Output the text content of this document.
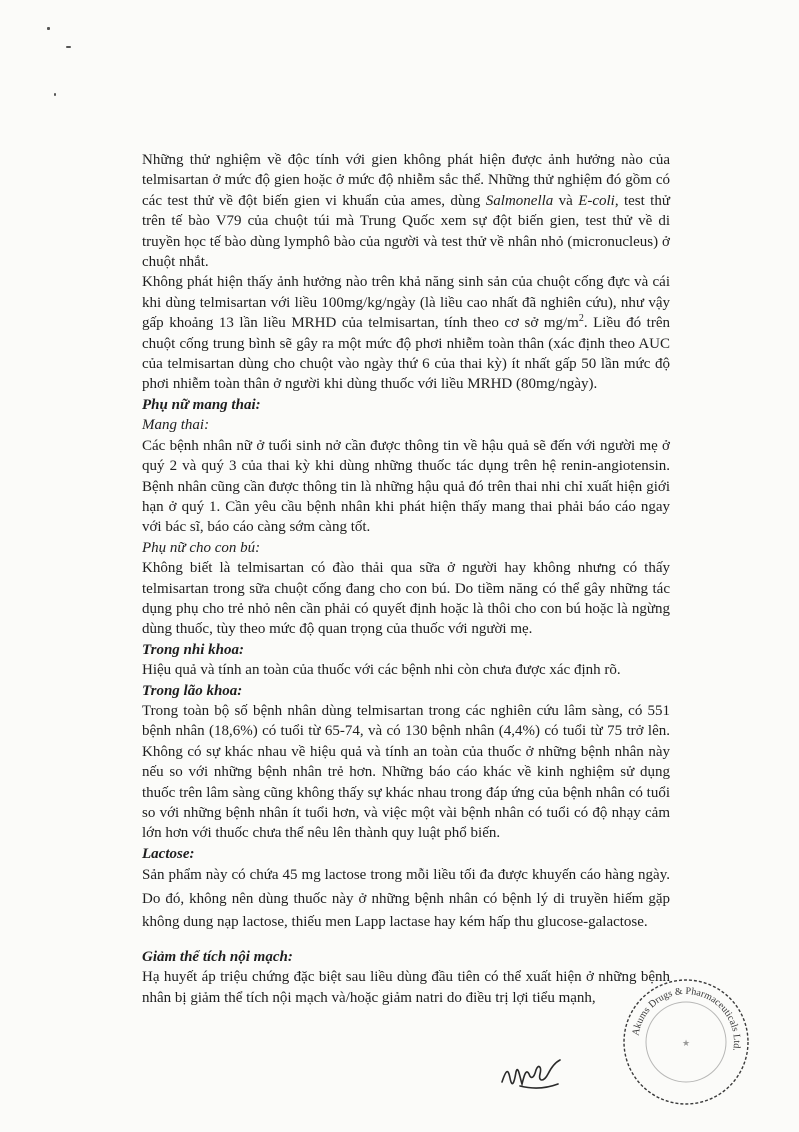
Những thử nghiệm về độc tính với gien không phát hiện được ảnh hưởng nào của telmisartan ở mức độ gien hoặc ở mức độ nhiễm sắc thể. Những thử nghiệm đó gồm có các test thử về đột biến gien vi khuẩn của ames, dùng Salmonella và E-coli, test thử trên tế bào V79 của chuột túi mà Trung Quốc xem sự đột biến gien, test thử về di truyền học tế bào dùng lymphô bào của người và test thử về nhân nhỏ (micronucleus) ở chuột nhắt.

Không phát hiện thấy ảnh hưởng nào trên khả năng sinh sản của chuột cống đực và cái khi dùng telmisartan với liều 100mg/kg/ngày (là liều cao nhất đã nghiên cứu), như vậy gấp khoảng 13 lần liều MRHD của telmisartan, tính theo cơ sở $mg/m^2$. Liều đó trên chuột cống trung bình sẽ gây ra một mức độ phơi nhiễm toàn thân (xác định theo AUC của telmisartan dùng cho chuột vào ngày thứ 6 của thai kỳ) ít nhất gấp 50 lần mức độ phơi nhiễm toàn thân ở người khi dùng thuốc với liều MRHD (80mg/ngày).

Phụ nữ mang thai:

Mang thai:

Các bệnh nhân nữ ở tuổi sinh nở cần được thông tin về hậu quả sẽ đến với người mẹ ở quý 2 và quý 3 của thai kỳ khi dùng những thuốc tác dụng trên hệ renin-angiotensin. Bệnh nhân cũng cần được thông tin là những hậu quả đó trên thai nhi chỉ xuất hiện giới hạn ở quý 1. Cần yêu cầu bệnh nhân khi phát hiện thấy mang thai phải báo cáo ngay với bác sĩ, báo cáo càng sớm càng tốt.

Phụ nữ cho con bú:

Không biết là telmisartan có đào thải qua sữa ở người hay không nhưng có thấy telmisartan trong sữa chuột cống đang cho con bú. Do tiềm năng có thể gây những tác dụng phụ cho trẻ nhỏ nên cần phải có quyết định hoặc là thôi cho con bú hoặc là ngừng dùng thuốc, tùy theo mức độ quan trọng của thuốc với người mẹ.

Trong nhi khoa:

Hiệu quả và tính an toàn của thuốc với các bệnh nhi còn chưa được xác định rõ.

Trong lão khoa:

Trong toàn bộ số bệnh nhân dùng telmisartan trong các nghiên cứu lâm sàng, có 551 bệnh nhân (18,6%) có tuổi từ 65-74, và có 130 bệnh nhân (4,4%) có tuổi từ 75 trở lên. Không có sự khác nhau về hiệu quả và tính an toàn của thuốc ở những bệnh nhân này nếu so với những bệnh nhân trẻ hơn. Những báo cáo khác về kinh nghiệm sử dụng thuốc trên lâm sàng cũng không thấy sự khác nhau trong đáp ứng của bệnh nhân có tuổi so với những bệnh nhân ít tuổi hơn, và việc một vài bệnh nhân có tuổi có độ nhạy cảm lớn hơn với thuốc chưa thể nêu lên thành quy luật phổ biến.

Lactose:

Sản phẩm này có chứa 45 mg lactose trong mỗi liều tối đa được khuyến cáo hàng ngày. Do đó, không nên dùng thuốc này ở những bệnh nhân có bệnh lý di truyền hiếm gặp không dung nạp lactose, thiếu men Lapp lactase hay kém hấp thu glucose-galactose.

Giảm thể tích nội mạch:

Hạ huyết áp triệu chứng đặc biệt sau liều dùng đầu tiên có thể xuất hiện ở những bệnh nhân bị giảm thể tích nội mạch và/hoặc giảm natri do điều trị lợi tiểu mạnh,

Akums Drugs & Pharmaceuticals Ltd.
★
